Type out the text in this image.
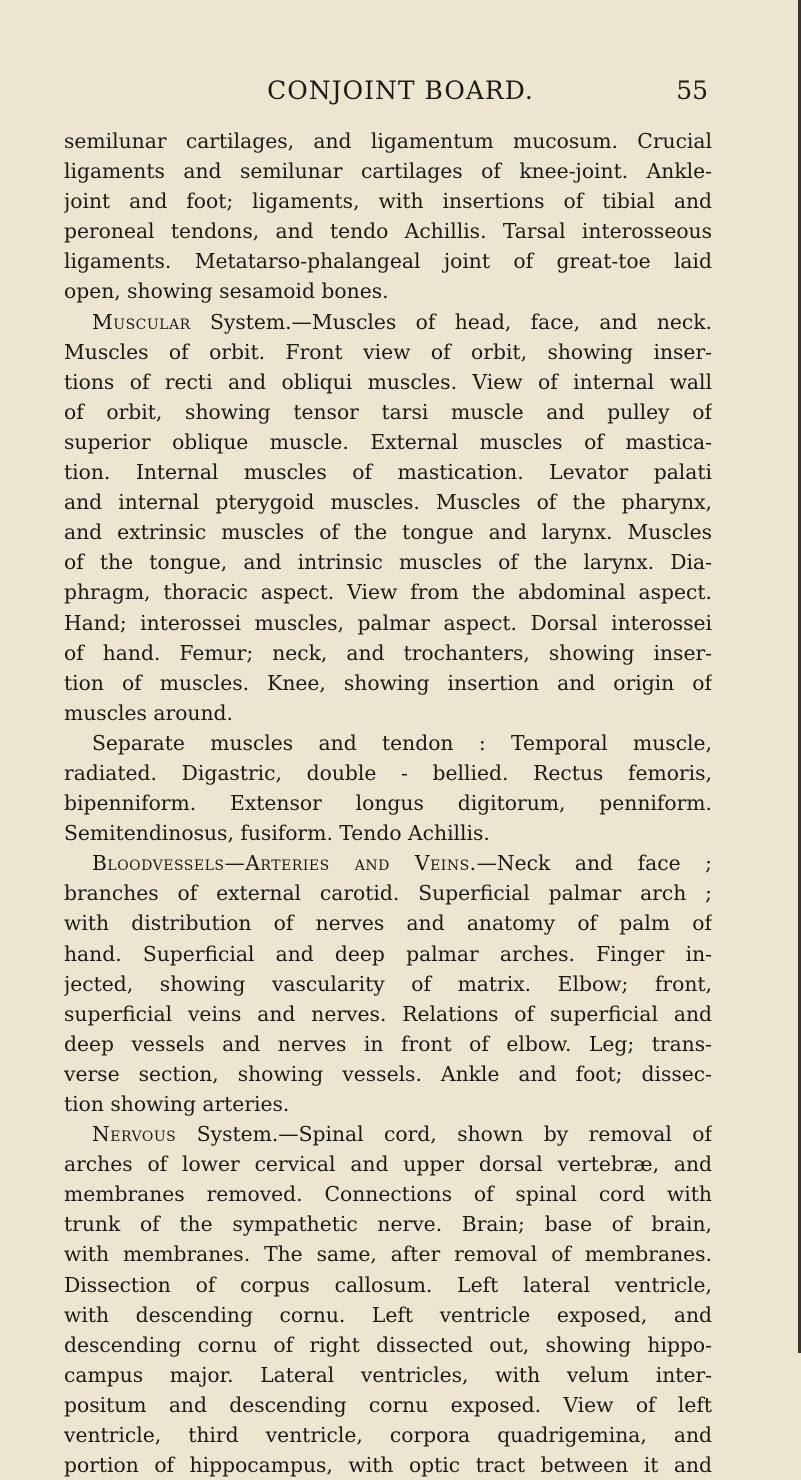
CONJOINT BOARD.	55
semilunar cartilages, and ligamentum mucosum. Crucial
ligaments and semilunar cartilages of knee-joint. Ankle-
joint and foot; ligaments, with insertions of tibial and
peroneal tendons, and tendo Achillis. Tarsal interosseous
ligaments. Metatarso-phalangeal joint of great-toe laid
open, showing sesamoid bones.
Muscular System.—Muscles of head, face, and neck.
Muscles of orbit. Front view of orbit, showing inser-
tions of recti and obliqui muscles. View of internal wall
of orbit, showing tensor tarsi muscle and pulley of
superior oblique muscle. External muscles of mastica-
tion. Internal muscles of mastication. Levator palati
and internal pterygoid muscles. Muscles of the pharynx,
and extrinsic muscles of the tongue and larynx. Muscles
of the tongue, and intrinsic muscles of the larynx. Dia-
phragm, thoracic aspect. View from the abdominal aspect.
Hand; interossei muscles, palmar aspect. Dorsal interossei
of hand. Femur; neck, and trochanters, showing inser-
tion of muscles. Knee, showing insertion and origin of
muscles around.
Separate muscles and tendon : Temporal muscle,
radiated. Digastric, double - bellied. Rectus femoris,
bipenniform. Extensor longus digitorum, penniform.
Semitendinosus, fusiform. Tendo Achillis.
Bloodvessels—Arteries and Veins.—Neck and face ;
branches of external carotid. Superficial palmar arch ;
with distribution of nerves and anatomy of palm of
hand. Superficial and deep palmar arches. Finger in-
jected, showing vascularity of matrix. Elbow; front,
superficial veins and nerves. Relations of superficial and
deep vessels and nerves in front of elbow. Leg; trans-
verse section, showing vessels. Ankle and foot; dissec-
tion showing arteries.
Nervous System.—Spinal cord, shown by removal of
arches of lower cervical and upper dorsal vertebræ, and
membranes removed. Connections of spinal cord with
trunk of the sympathetic nerve. Brain; base of brain,
with membranes. The same, after removal of membranes.
Dissection of corpus callosum. Left lateral ventricle,
with descending cornu. Left ventricle exposed, and
descending cornu of right dissected out, showing hippo-
campus major. Lateral ventricles, with velum inter-
positum and descending cornu exposed. View of left
ventricle, third ventricle, corpora quadrigemina, and
portion of hippocampus, with optic tract between it and
